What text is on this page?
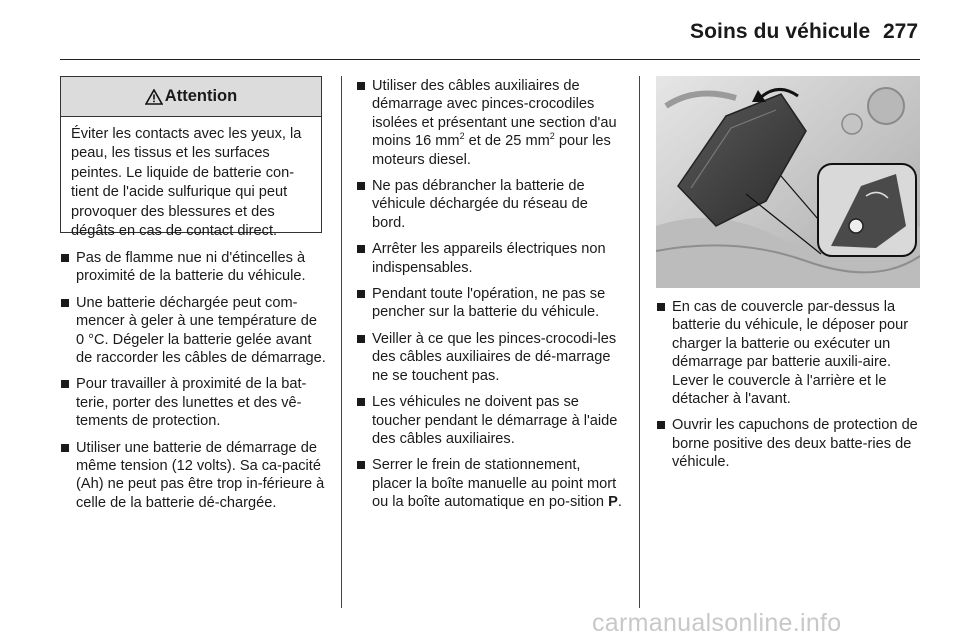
Soins du véhicule 277
Attention
Éviter les contacts avec les yeux, la peau, les tissus et les surfaces peintes. Le liquide de batterie con-tient de l'acide sulfurique qui peut provoquer des blessures et des dégâts en cas de contact direct.
Pas de flamme nue ni d'étincelles à proximité de la batterie du véhicule.
Une batterie déchargée peut com-mencer à geler à une température de 0 °C. Dégeler la batterie gelée avant de raccorder les câbles de démarrage.
Pour travailler à proximité de la bat-terie, porter des lunettes et des vê-tements de protection.
Utiliser une batterie de démarrage de même tension (12 volts). Sa ca-pacité (Ah) ne peut pas être trop in-férieure à celle de la batterie dé-chargée.
Utiliser des câbles auxiliaires de démarrage avec pinces-crocodiles isolées et présentant une section d'au moins 16 $mm^2$ et de 25 $mm^2$ pour les moteurs diesel.
Ne pas débrancher la batterie de véhicule déchargée du réseau de bord.
Arrêter les appareils électriques non indispensables.
Pendant toute l'opération, ne pas se pencher sur la batterie du véhicule.
Veiller à ce que les pinces-crocodi-les des câbles auxiliaires de dé-marrage ne se touchent pas.
Les véhicules ne doivent pas se toucher pendant le démarrage à l'aide des câbles auxiliaires.
Serrer le frein de stationnement, placer la boîte manuelle au point mort ou la boîte automatique en po-sition P.
En cas de couvercle par-dessus la batterie du véhicule, le déposer pour charger la batterie ou exécuter un démarrage par batterie auxili-aire. Lever le couvercle à l'arrière et le détacher à l'avant.
Ouvrir les capuchons de protection de borne positive des deux batte-ries de véhicule.
carmanualsonline.info
